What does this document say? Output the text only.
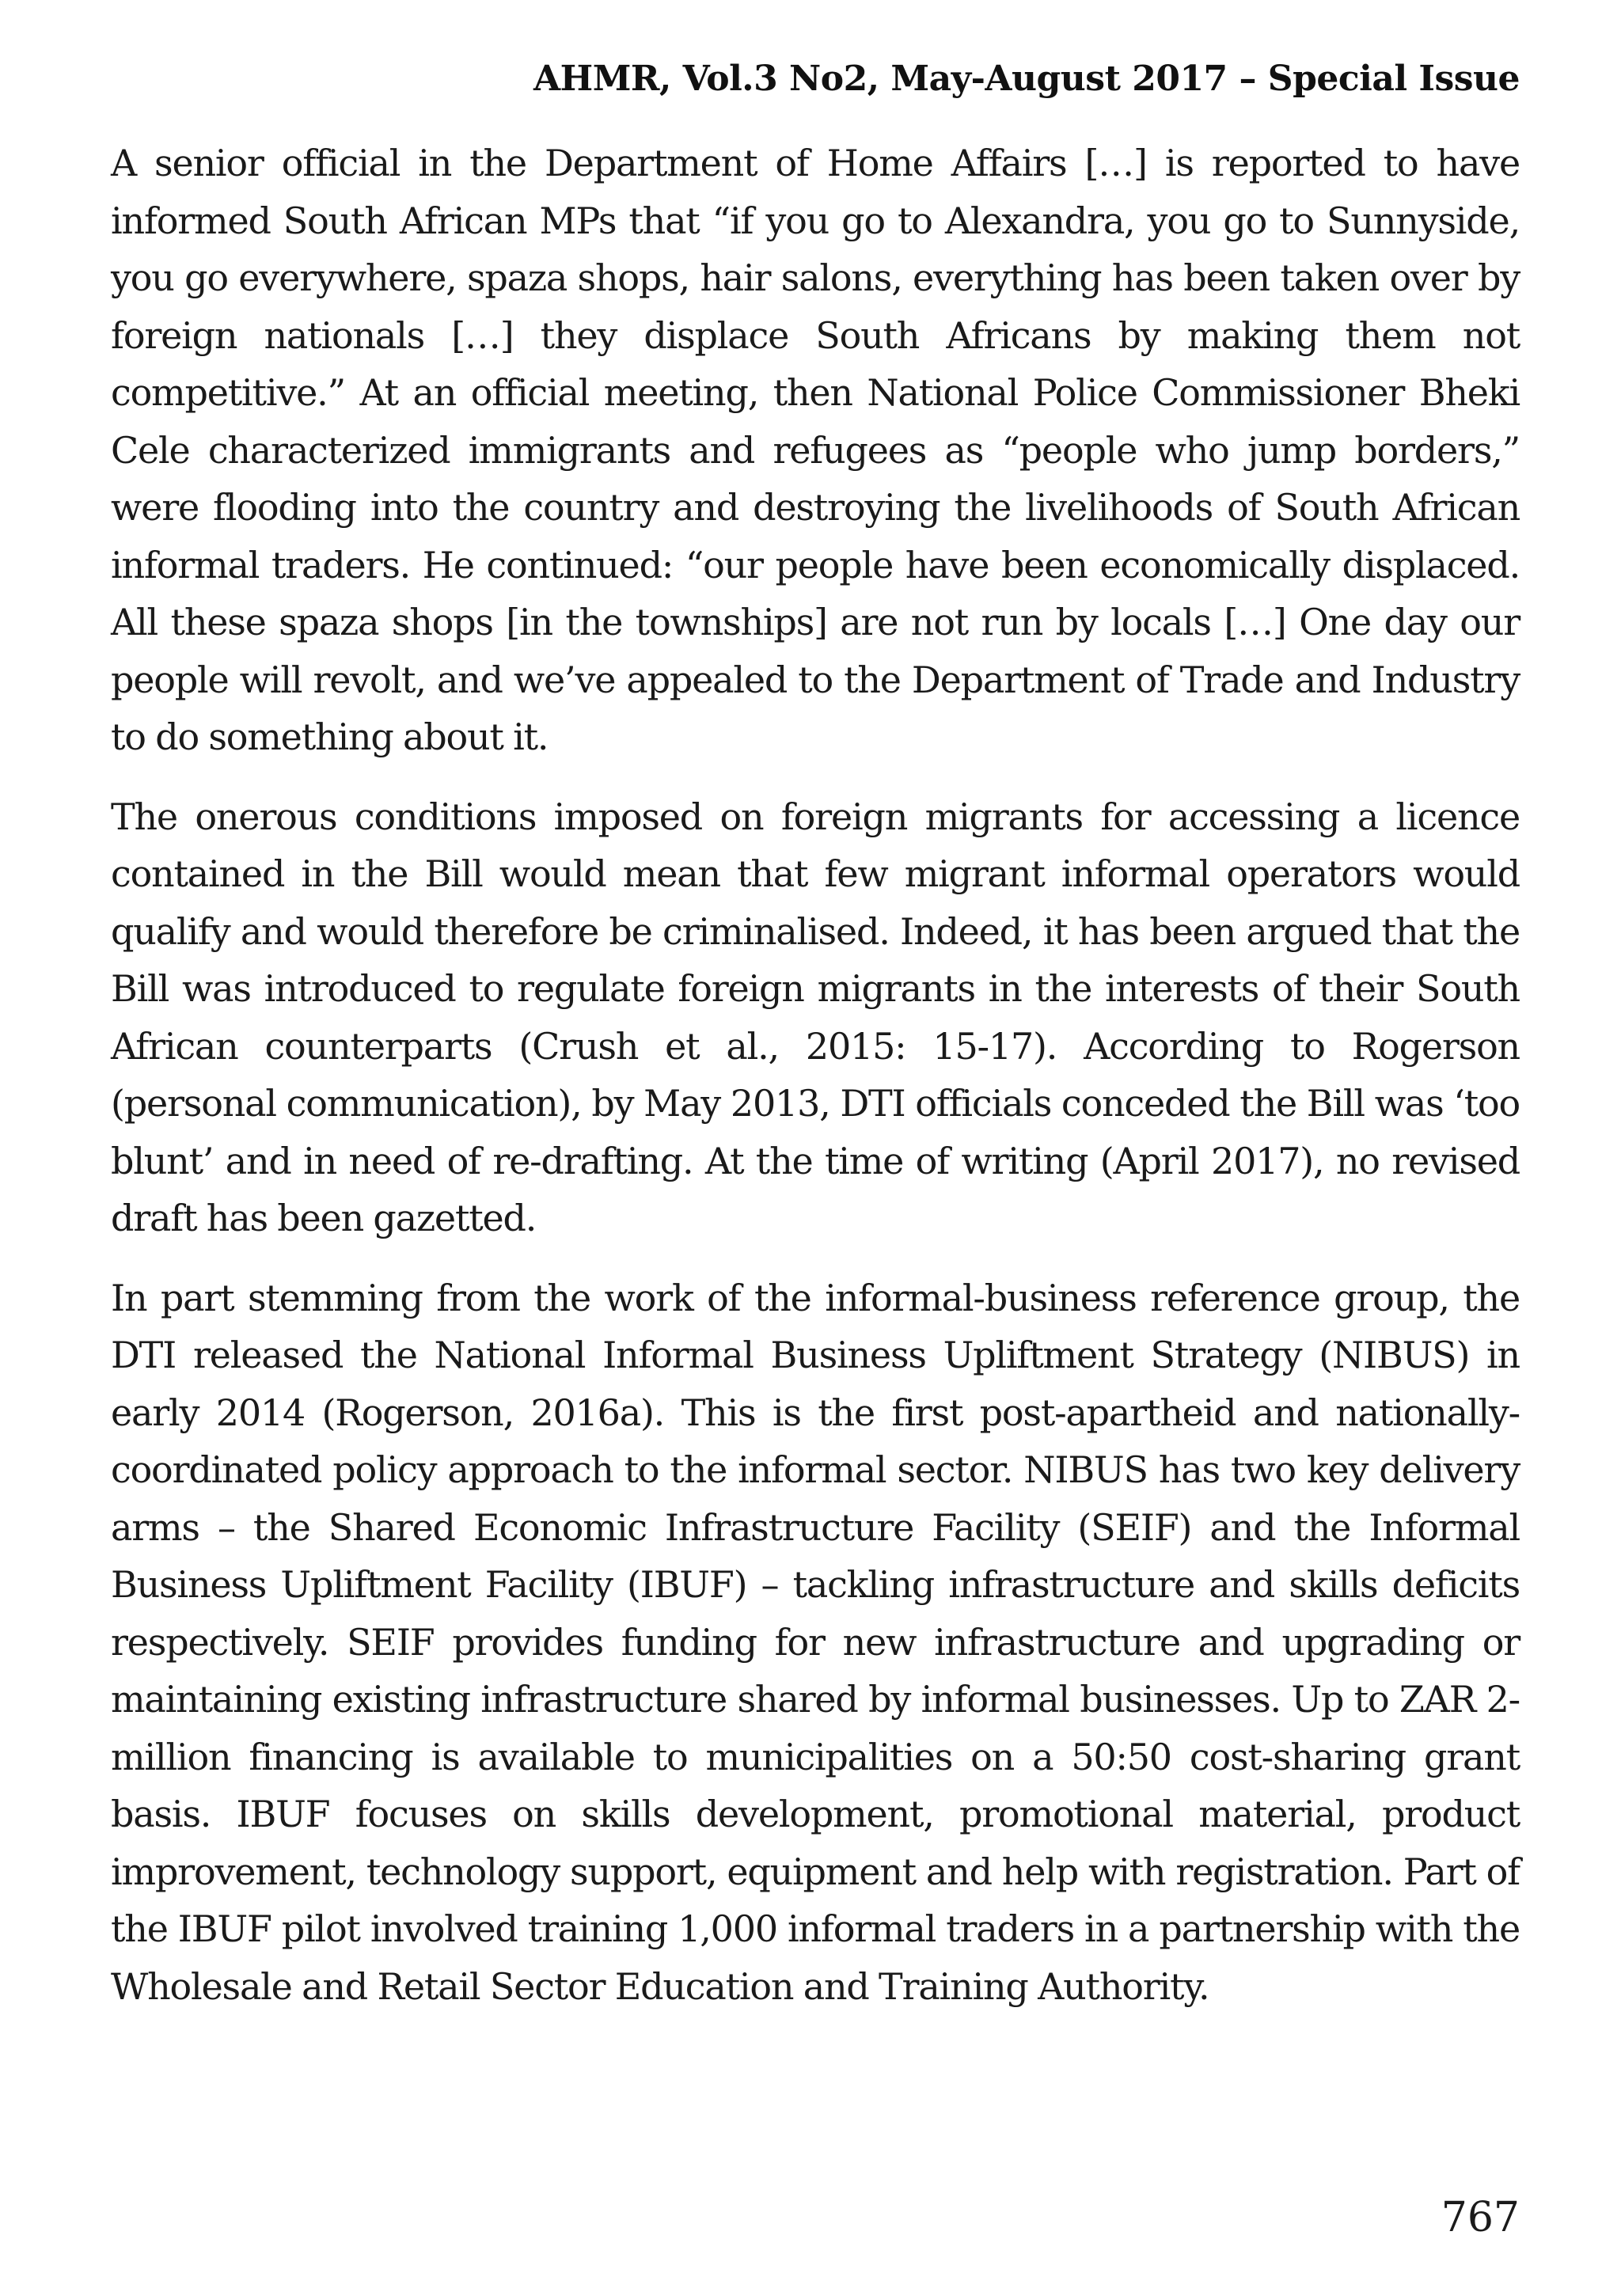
AHMR, Vol.3 No2, May-August 2017 – Special Issue

A senior official in the Department of Home Affairs […] is reported to have informed South African MPs that “if you go to Alexandra, you go to Sunnyside, you go everywhere, spaza shops, hair salons, everything has been taken over by foreign nationals […] they displace South Africans by making them not competitive.” At an official meeting, then National Police Commissioner Bheki Cele characterized immigrants and refugees as “people who jump borders,” were flooding into the country and destroying the livelihoods of South African informal traders. He continued: “our people have been economically displaced. All these spaza shops [in the townships] are not run by locals […] One day our people will revolt, and we’ve appealed to the Department of Trade and Industry to do something about it.

The onerous conditions imposed on foreign migrants for accessing a licence contained in the Bill would mean that few migrant informal operators would qualify and would therefore be criminalised. Indeed, it has been argued that the Bill was introduced to regulate foreign migrants in the interests of their South African counterparts (Crush et al., 2015: 15-17). According to Rogerson (personal communication), by May 2013, DTI officials conceded the Bill was ‘too blunt’ and in need of re-drafting. At the time of writing (April 2017), no revised draft has been gazetted.

In part stemming from the work of the informal-business reference group, the DTI released the National Informal Business Upliftment Strategy (NIBUS) in early 2014 (Rogerson, 2016a). This is the first post-apartheid and nationally-coordinated policy approach to the informal sector. NIBUS has two key delivery arms – the Shared Economic Infrastructure Facility (SEIF) and the Informal Business Upliftment Facility (IBUF) – tackling infrastructure and skills deficits respectively. SEIF provides funding for new infrastructure and upgrading or maintaining existing infrastructure shared by informal businesses. Up to ZAR 2-million financing is available to municipalities on a 50:50 cost-sharing grant basis. IBUF focuses on skills development, promotional material, product improvement, technology support, equipment and help with registration. Part of the IBUF pilot involved training 1,000 informal traders in a partnership with the Wholesale and Retail Sector Education and Training Authority.

767
